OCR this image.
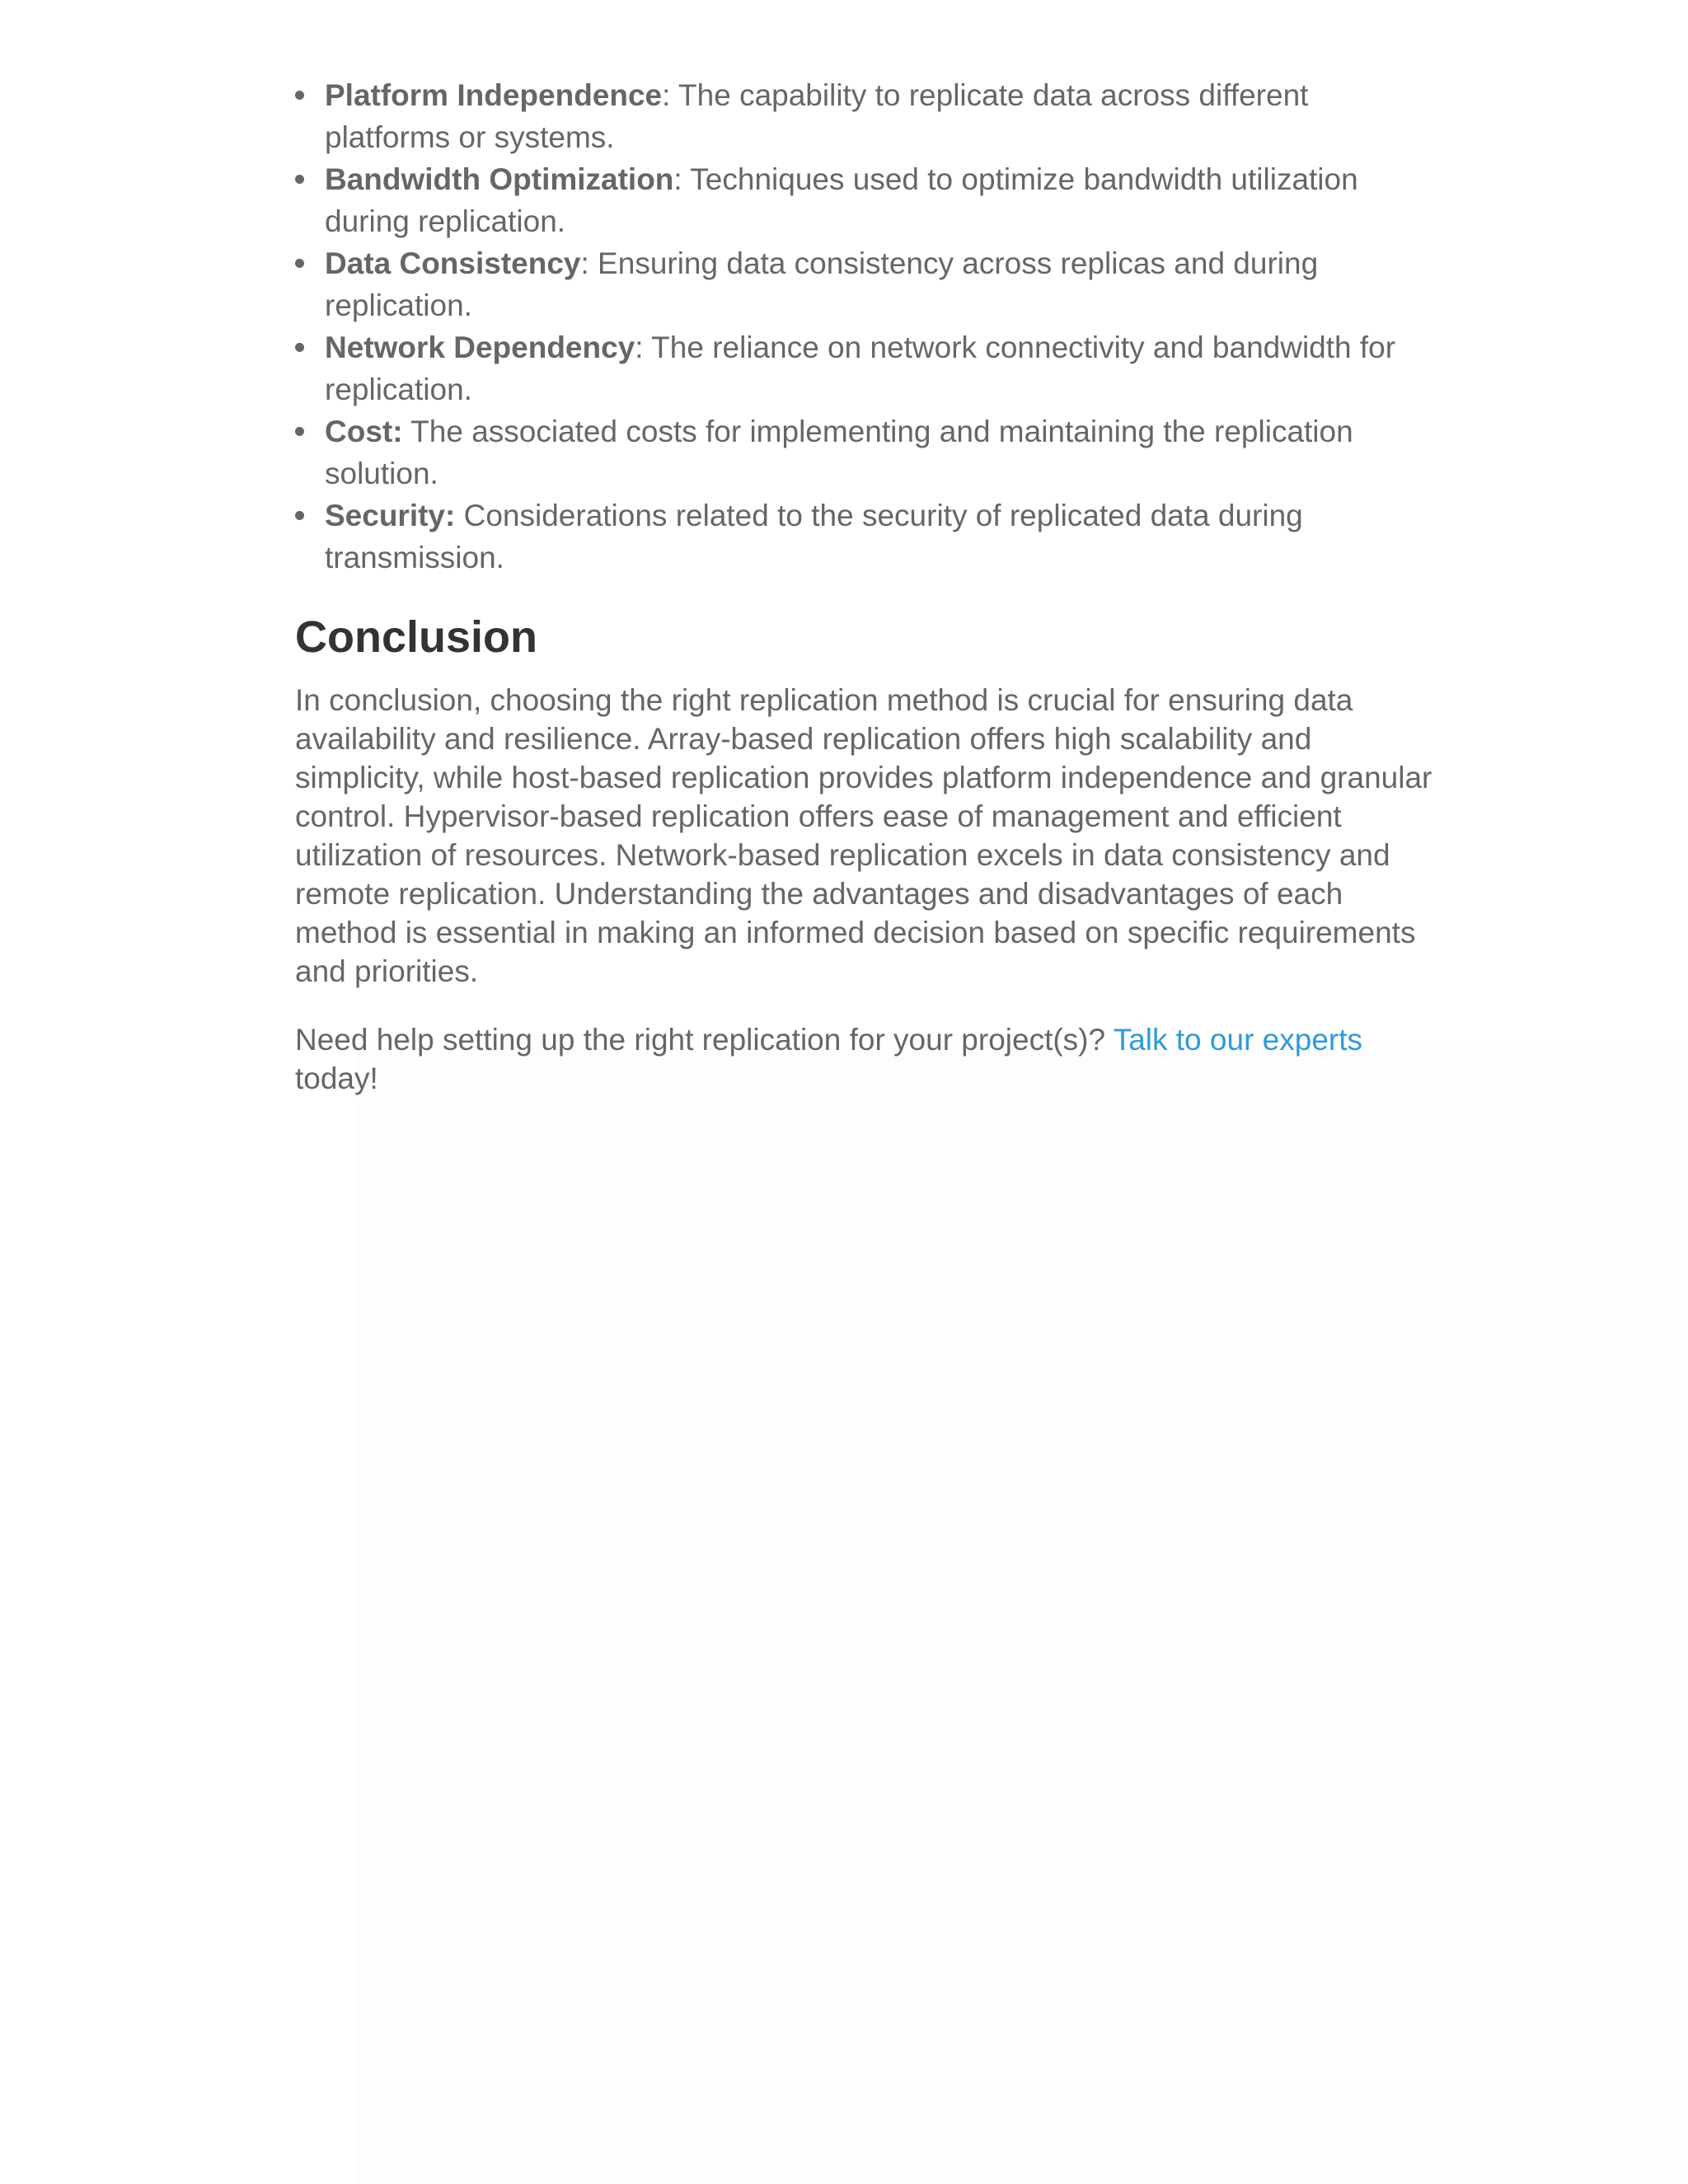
Platform Independence: The capability to replicate data across different platforms or systems.
Bandwidth Optimization: Techniques used to optimize bandwidth utilization during replication.
Data Consistency: Ensuring data consistency across replicas and during replication.
Network Dependency: The reliance on network connectivity and bandwidth for replication.
Cost: The associated costs for implementing and maintaining the replication solution.
Security: Considerations related to the security of replicated data during transmission.
Conclusion

In conclusion, choosing the right replication method is crucial for ensuring data availability and resilience. Array-based replication offers high scalability and simplicity, while host-based replication provides platform independence and granular control. Hypervisor-based replication offers ease of management and efficient utilization of resources. Network-based replication excels in data consistency and remote replication. Understanding the advantages and disadvantages of each method is essential in making an informed decision based on specific requirements and priorities.

Need help setting up the right replication for your project(s)? Talk to our experts today!
